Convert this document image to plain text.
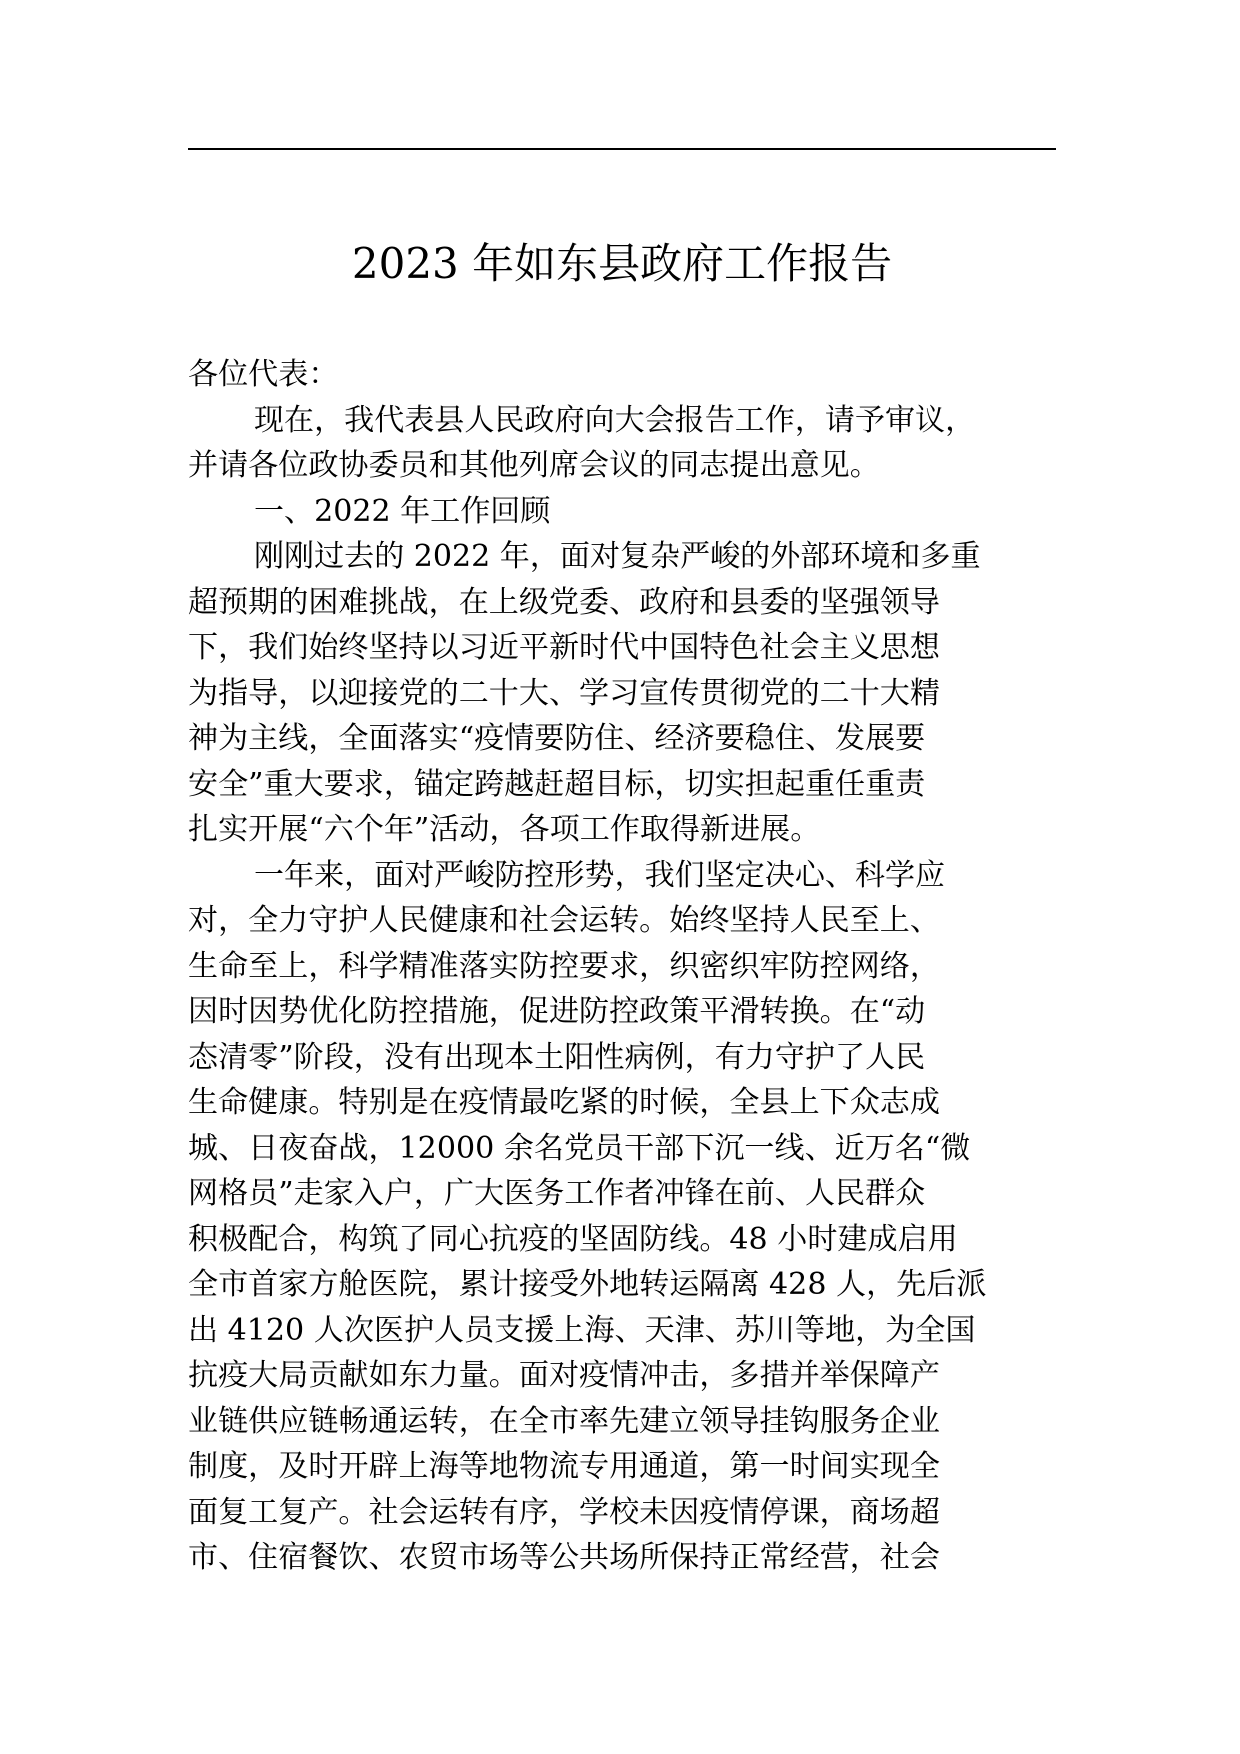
2023 年如东县政府工作报告
各位代表：
现在，我代表县人民政府向大会报告工作，请予审议，
并请各位政协委员和其他列席会议的同志提出意见。
一、2022 年工作回顾
刚刚过去的 2022 年，面对复杂严峻的外部环境和多重
超预期的困难挑战，在上级党委、政府和县委的坚强领导
下，我们始终坚持以习近平新时代中国特色社会主义思想
为指导，以迎接党的二十大、学习宣传贯彻党的二十大精
神为主线，全面落实“疫情要防住、经济要稳住、发展要
安全”重大要求，锚定跨越赶超目标，切实担起重任重责
扎实开展“六个年”活动，各项工作取得新进展。
一年来，面对严峻防控形势，我们坚定决心、科学应
对，全力守护人民健康和社会运转。始终坚持人民至上、
生命至上，科学精准落实防控要求，织密织牢防控网络，
因时因势优化防控措施，促进防控政策平滑转换。在“动
态清零”阶段，没有出现本土阳性病例，有力守护了人民
生命健康。特别是在疫情最吃紧的时候，全县上下众志成
城、日夜奋战，12000 余名党员干部下沉一线、近万名“微
网格员”走家入户，广大医务工作者冲锋在前、人民群众
积极配合，构筑了同心抗疫的坚固防线。48 小时建成启用
全市首家方舱医院，累计接受外地转运隔离 428 人，先后派
出 4120 人次医护人员支援上海、天津、苏川等地，为全国
抗疫大局贡献如东力量。面对疫情冲击，多措并举保障产
业链供应链畅通运转，在全市率先建立领导挂钩服务企业
制度，及时开辟上海等地物流专用通道，第一时间实现全
面复工复产。社会运转有序，学校未因疫情停课，商场超
市、住宿餐饮、农贸市场等公共场所保持正常经营，社会
